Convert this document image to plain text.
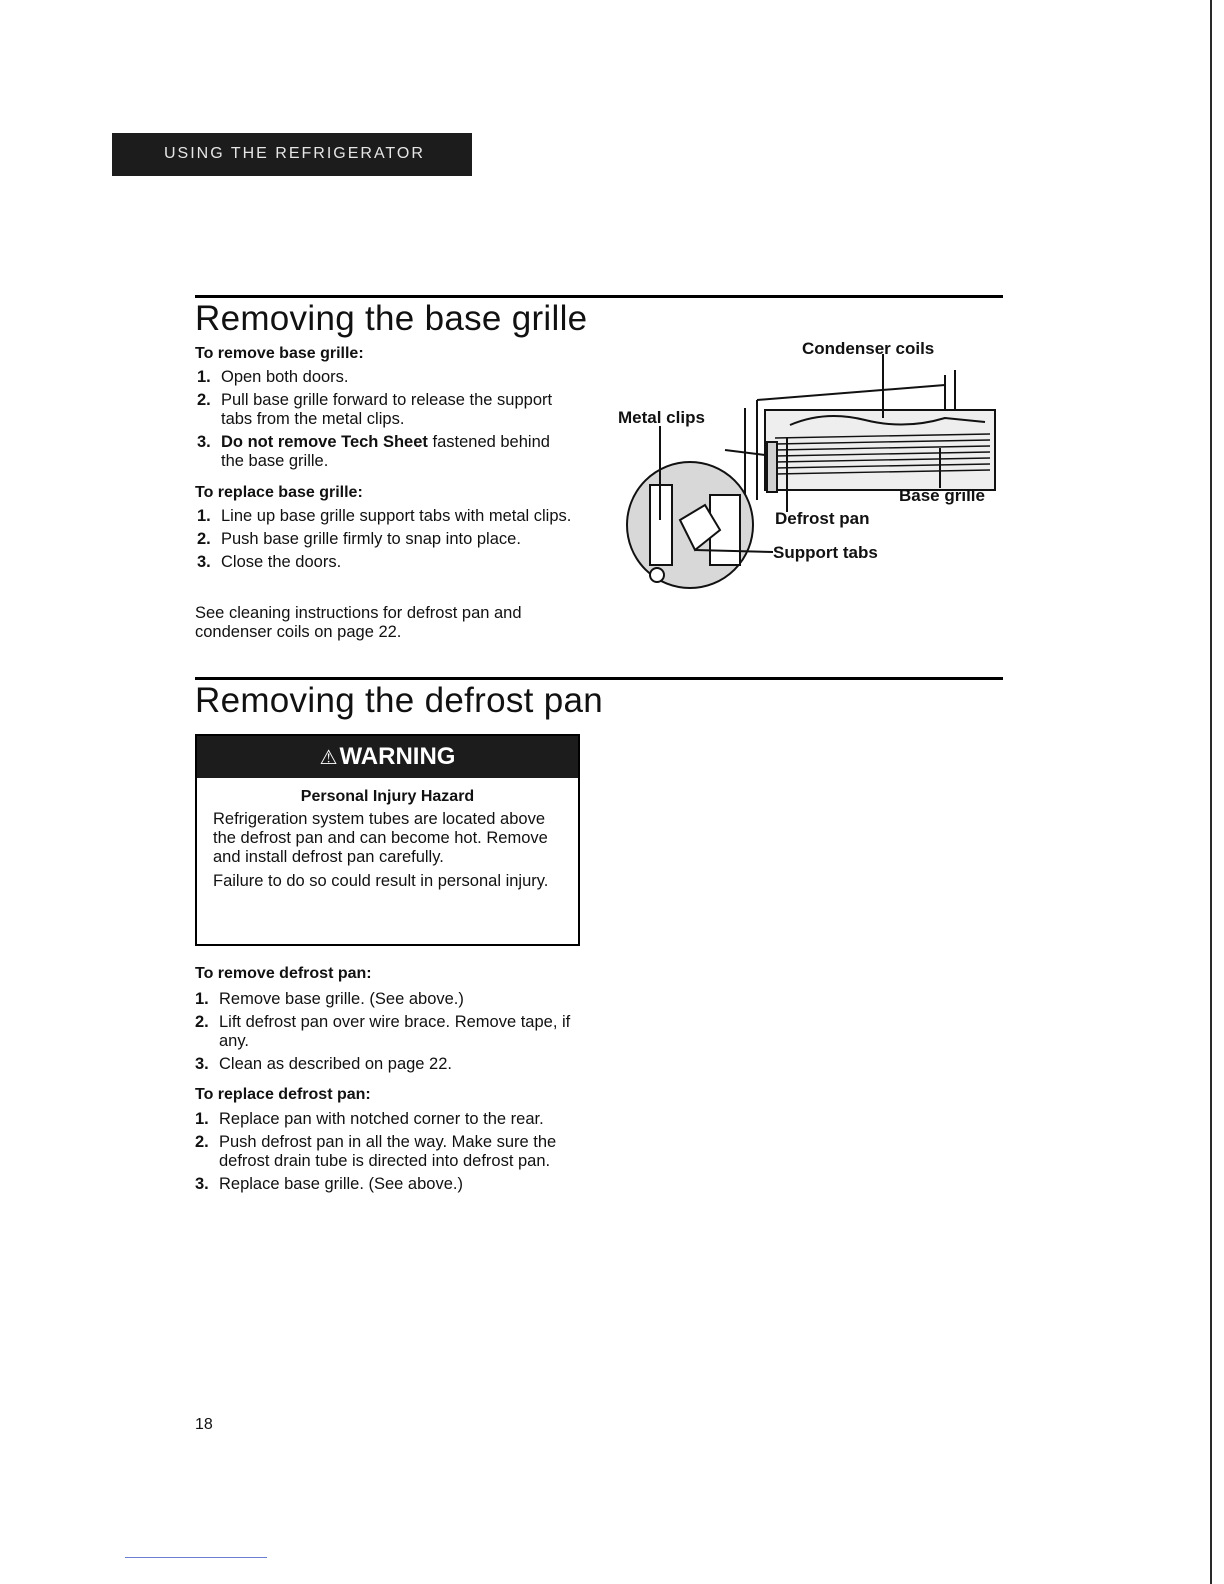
USING THE REFRIGERATOR
Removing the base grille
To remove base grille:
1. Open both doors.
2. Pull base grille forward to release the support tabs from the metal clips.
3. Do not remove Tech Sheet fastened behind the base grille.
To replace base grille:
1. Line up base grille support tabs with metal clips.
2. Push base grille firmly to snap into place.
3. Close the doors.

See cleaning instructions for defrost pan and condenser coils on page 22.

Condenser coils
Metal clips
Base grille
Defrost pan
Support tabs
Removing the defrost pan
⚠WARNING
Personal Injury Hazard

Refrigeration system tubes are located above the defrost pan and can become hot. Remove and install defrost pan carefully.

Failure to do so could result in personal injury.

To remove defrost pan:
1. Remove base grille. (See above.)
2. Lift defrost pan over wire brace. Remove tape, if any.
3. Clean as described on page 22.
To replace defrost pan:
1. Replace pan with notched corner to the rear.
2. Push defrost pan in all the way. Make sure the defrost drain tube is directed into defrost pan.
3. Replace base grille. (See above.)
18
